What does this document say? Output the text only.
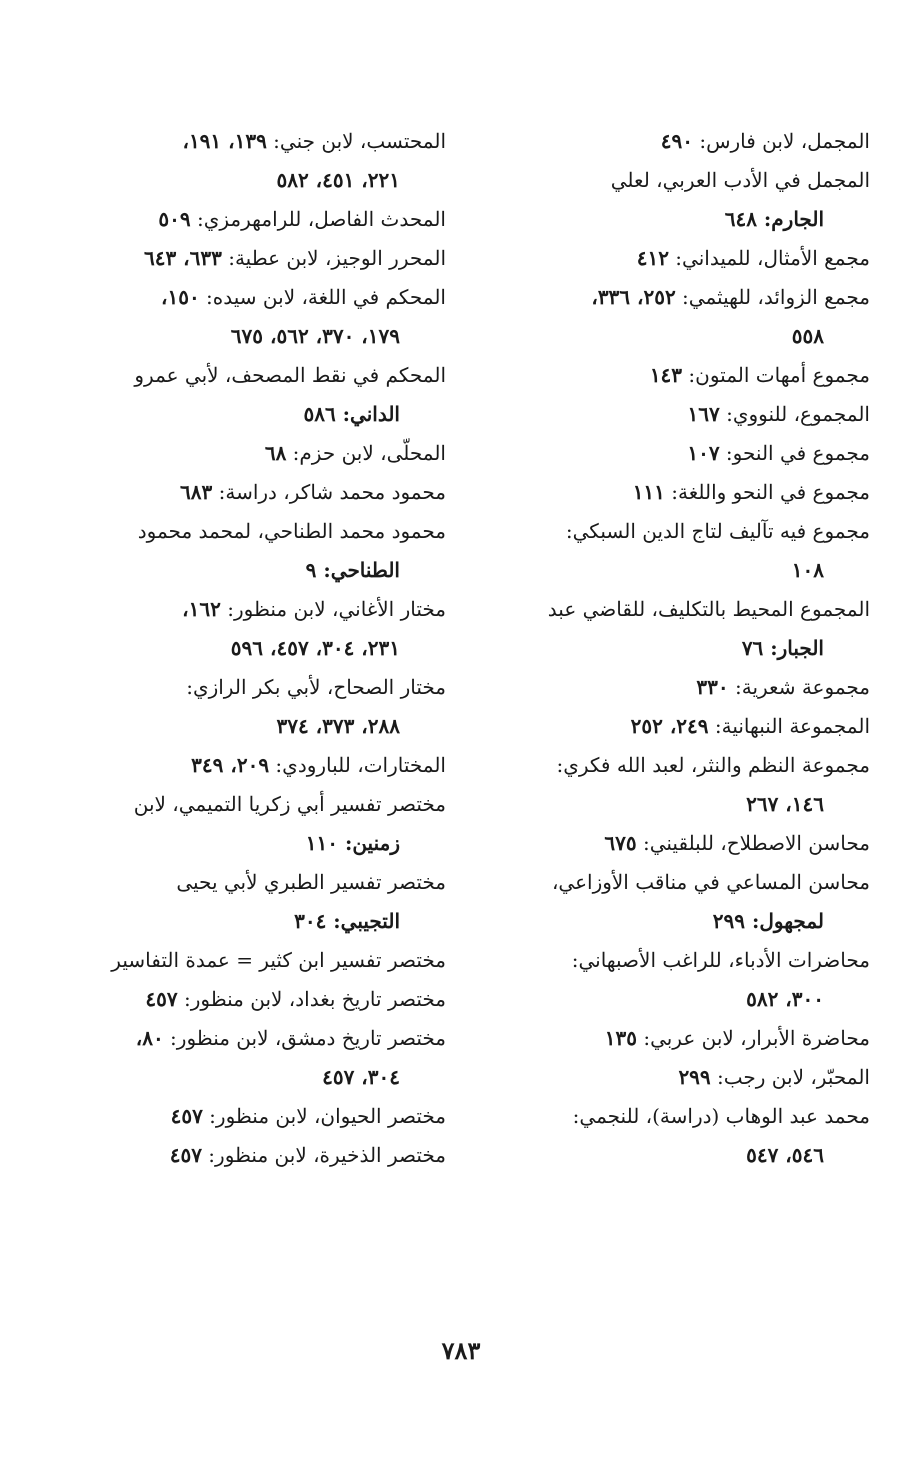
المجمل، لابن فارس: ٤٩٠
المجمل في الأدب العربي، لعلي
الجارم: ٦٤٨
مجمع الأمثال، للميداني: ٤١٢
مجمع الزوائد، للهيثمي: ٢٥٢، ٣٣٦،
٥٥٨
مجموع أمهات المتون: ١٤٣
المجموع، للنووي: ١٦٧
مجموع في النحو: ١٠٧
مجموع في النحو واللغة: ١١١
مجموع فيه تآليف لتاج الدين السبكي:
١٠٨
المجموع المحيط بالتكليف، للقاضي عبد
الجبار: ٧٦
مجموعة شعرية: ٣٣٠
المجموعة النبهانية: ٢٤٩، ٢٥٢
مجموعة النظم والنثر، لعبد الله فكري:
١٤٦، ٢٦٧
محاسن الاصطلاح، للبلقيني: ٦٧٥
محاسن المساعي في مناقب الأوزاعي،
لمجهول: ٢٩٩
محاضرات الأدباء، للراغب الأصبهاني:
٣٠٠، ٥٨٢
محاضرة الأبرار، لابن عربي: ١٣٥
المحبّر، لابن رجب: ٢٩٩
محمد عبد الوهاب (دراسة)، للنجمي:
٥٤٦، ٥٤٧
المحتسب، لابن جني: ١٣٩، ١٩١،
٢٢١، ٤٥١، ٥٨٢
المحدث الفاصل، للرامهرمزي: ٥٠٩
المحرر الوجيز، لابن عطية: ٦٣٣، ٦٤٣
المحكم في اللغة، لابن سيده: ١٥٠،
١٧٩، ٣٧٠، ٥٦٢، ٦٧٥
المحكم في نقط المصحف، لأبي عمرو
الداني: ٥٨٦
المحلّى، لابن حزم: ٦٨
محمود محمد شاكر، دراسة: ٦٨٣
محمود محمد الطناحي، لمحمد محمود
الطناحي: ٩
مختار الأغاني، لابن منظور: ١٦٢،
٢٣١، ٣٠٤، ٤٥٧، ٥٩٦
مختار الصحاح، لأبي بكر الرازي:
٢٨٨، ٣٧٣، ٣٧٤
المختارات، للبارودي: ٢٠٩، ٣٤٩
مختصر تفسير أبي زكريا التميمي، لابن
زمنين: ١١٠
مختصر تفسير الطبري لأبي يحيى
التجيبي: ٣٠٤
مختصر تفسير ابن كثير = عمدة التفاسير
مختصر تاريخ بغداد، لابن منظور: ٤٥٧
مختصر تاريخ دمشق، لابن منظور: ٨٠،
٣٠٤، ٤٥٧
مختصر الحيوان، لابن منظور: ٤٥٧
مختصر الذخيرة، لابن منظور: ٤٥٧
٧٨٣
